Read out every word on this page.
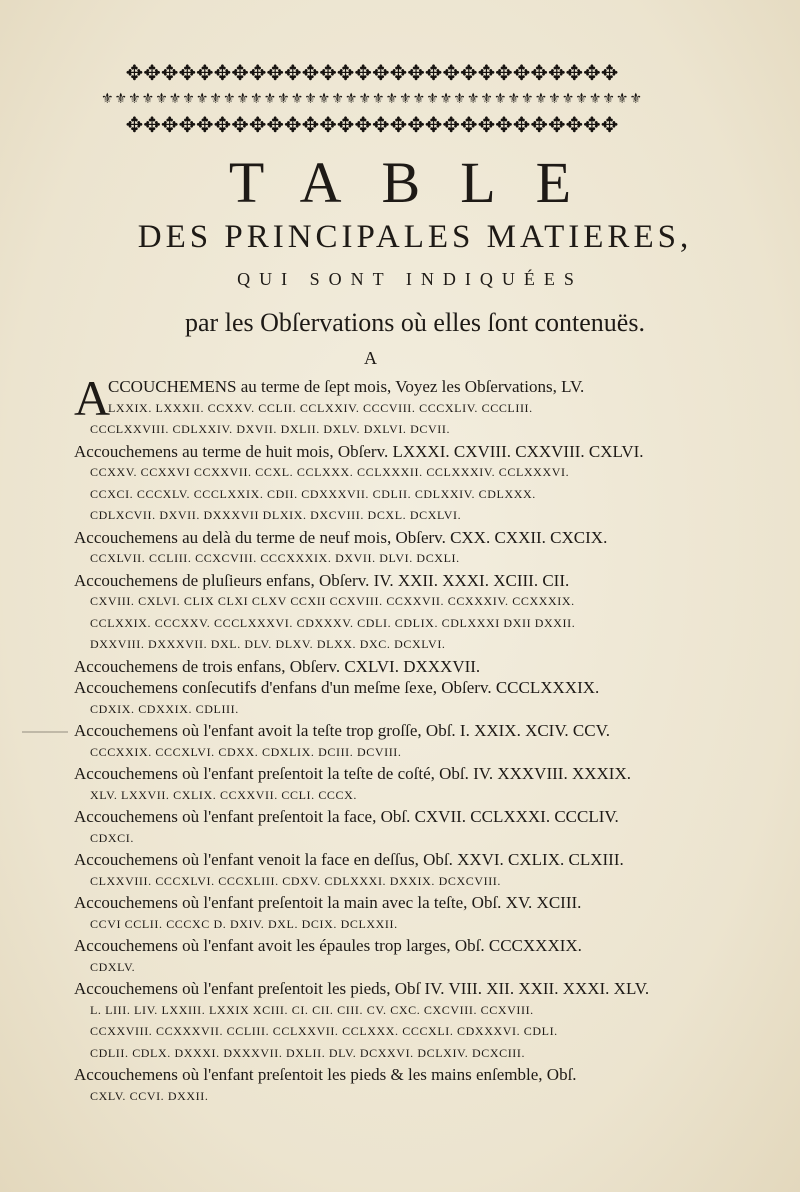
✥✥✥✥✥✥✥✥✥✥✥✥✥✥✥✥✥✥✥✥✥✥✥✥✥✥✥✥
⚜⚜⚜⚜⚜⚜⚜⚜⚜⚜⚜⚜⚜⚜⚜⚜⚜⚜⚜⚜⚜⚜⚜⚜⚜⚜⚜⚜⚜⚜⚜⚜⚜⚜⚜⚜⚜⚜⚜⚜
✥✥✥✥✥✥✥✥✥✥✥✥✥✥✥✥✥✥✥✥✥✥✥✥✥✥✥✥
TABLE
DES PRINCIPALES MATIERES,
QUI SONT INDIQUÉES
par les Obſervations où elles ſont contenuës.
A
A
CCOUCHEMENS au terme de ſept mois, Voyez les Obſervations, LV.
LXXIX. LXXXII. CCXXV. CCLII. CCLXXIV. CCCVIII. CCCXLIV. CCCLIII.
CCCLXXVIII. CDLXXIV. DXVII. DXLII. DXLV. DXLVI. DCVII.
Accouchemens au terme de huit mois, Obſerv. LXXXI. CXVIII. CXXVIII. CXLVI.
CCXXV. CCXXVI CCXXVII. CCXL. CCLXXX. CCLXXXII. CCLXXXIV. CCLXXXVI.
CCXCI. CCCXLV. CCCLXXIX. CDII. CDXXXVII. CDLII. CDLXXIV. CDLXXX.
CDLXCVII. DXVII. DXXXVII DLXIX. DXCVIII. DCXL. DCXLVI.
Accouchemens au delà du terme de neuf mois, Obſerv. CXX. CXXII. CXCIX.
CCXLVII. CCLIII. CCXCVIII. CCCXXXIX. DXVII. DLVI. DCXLI.
Accouchemens de pluſieurs enfans, Obſerv. IV. XXII. XXXI. XCIII. CII.
CXVIII. CXLVI. CLIX CLXI CLXV CCXII CCXVIII. CCXXVII. CCXXXIV. CCXXXIX.
CCLXXIX. CCCXXV. CCCLXXXVI. CDXXXV. CDLI. CDLIX. CDLXXXI DXII DXXII.
DXXVIII. DXXXVII. DXL. DLV. DLXV. DLXX. DXC. DCXLVI.
Accouchemens de trois enfans, Obſerv. CXLVI. DXXXVII.
Accouchemens conſecutifs d'enfans d'un meſme ſexe, Obſerv. CCCLXXXIX.
CDXIX. CDXXIX. CDLIII.
Accouchemens où l'enfant avoit la teſte trop groſſe, Obſ. I. XXIX. XCIV. CCV.
CCCXXIX. CCCXLVI. CDXX. CDXLIX. DCIII. DCVIII.
Accouchemens où l'enfant preſentoit la teſte de coſté, Obſ. IV. XXXVIII. XXXIX.
XLV. LXXVII. CXLIX. CCXXVII. CCLI. CCCX.
Accouchemens où l'enfant preſentoit la face, Obſ. CXVII. CCLXXXI. CCCLIV.
CDXCI.
Accouchemens où l'enfant venoit la face en deſſus, Obſ. XXVI. CXLIX. CLXIII.
CLXXVIII. CCCXLVI. CCCXLIII. CDXV. CDLXXXI. DXXIX. DCXCVIII.
Accouchemens où l'enfant preſentoit la main avec la teſte, Obſ. XV. XCIII.
CCVI CCLII. CCCXC D. DXIV. DXL. DCIX. DCLXXII.
Accouchemens où l'enfant avoit les épaules trop larges, Obſ. CCCXXXIX.
CDXLV.
Accouchemens où l'enfant preſentoit les pieds, Obſ IV. VIII. XII. XXII. XXXI. XLV.
L. LIII. LIV. LXXIII. LXXIX XCIII. CI. CII. CIII. CV. CXC. CXCVIII. CCXVIII.
CCXXVIII. CCXXXVII. CCLIII. CCLXXVII. CCLXXX. CCCXLI. CDXXXVI. CDLI.
CDLII. CDLX. DXXXI. DXXXVII. DXLII. DLV. DCXXVI. DCLXIV. DCXCIII.
Accouchemens où l'enfant preſentoit les pieds & les mains enſemble, Obſ.
CXLV. CCVI. DXXII.
